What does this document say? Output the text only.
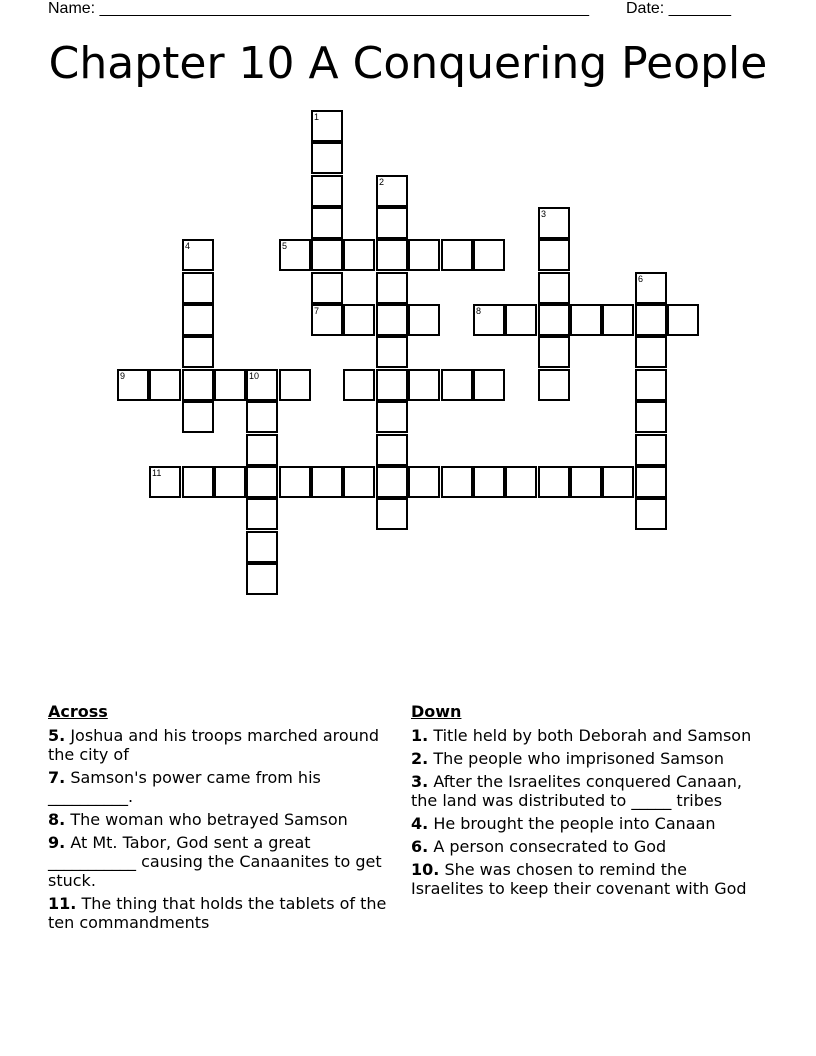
Name: _______________________________________________________ Date: _______
Chapter 10 A Conquering People
1
7
2
3
4	5
6
8
9	10
11
Across
5. Joshua and his troops marched around the city of
7. Samson's power came from his __________.
8. The woman who betrayed Samson
9. At Mt. Tabor, God sent a great ___________ causing the Canaanites to get stuck.
11. The thing that holds the tablets of the ten commandments
Down
1. Title held by both Deborah and Samson
2. The people who imprisoned Samson
3. After the Israelites conquered Canaan, the land was distributed to _____ tribes
4. He brought the people into Canaan
6. A person consecrated to God
10. She was chosen to remind the Israelites to keep their covenant with God
